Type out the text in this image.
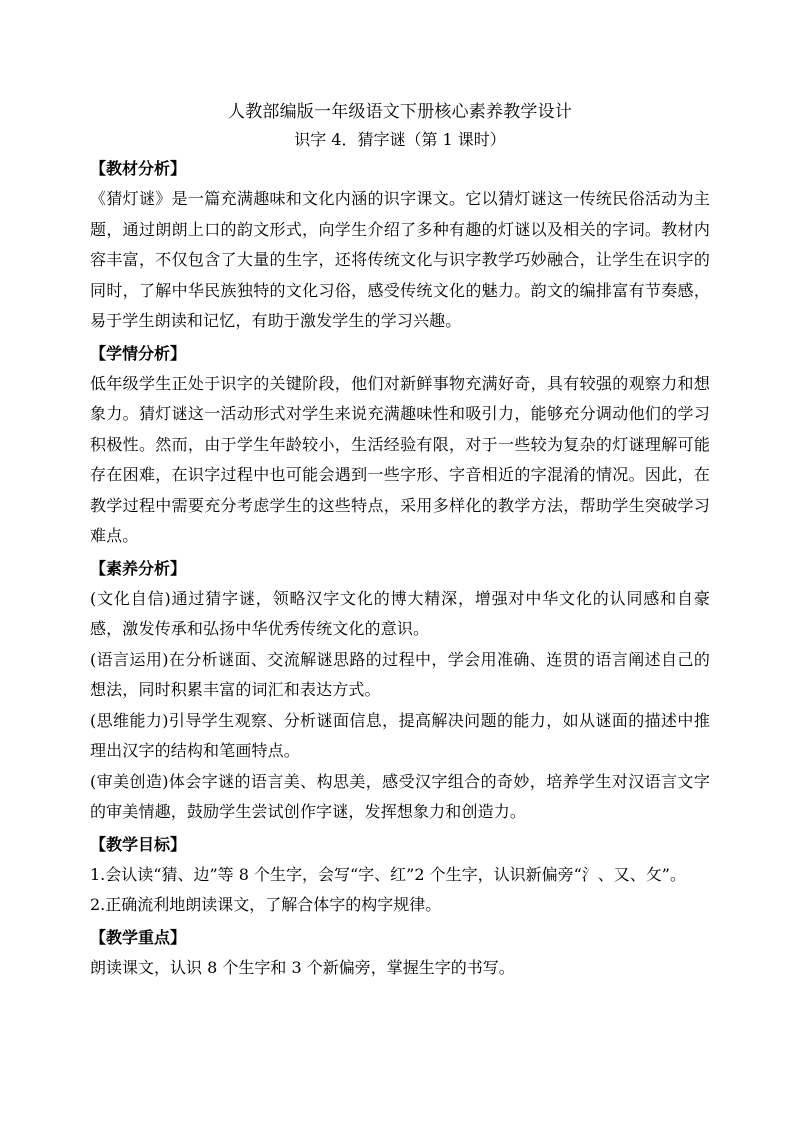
人教部编版一年级语文下册核心素养教学设计
识字 4．猜字谜（第 1 课时）
【教材分析】

《猜灯谜》是一篇充满趣味和文化内涵的识字课文。它以猜灯谜这一传统民俗活动为主题，通过朗朗上口的韵文形式，向学生介绍了多种有趣的灯谜以及相关的字词。教材内容丰富，不仅包含了大量的生字，还将传统文化与识字教学巧妙融合，让学生在识字的同时，了解中华民族独特的文化习俗，感受传统文化的魅力。韵文的编排富有节奏感，易于学生朗读和记忆，有助于激发学生的学习兴趣。

【学情分析】

低年级学生正处于识字的关键阶段，他们对新鲜事物充满好奇，具有较强的观察力和想象力。猜灯谜这一活动形式对学生来说充满趣味性和吸引力，能够充分调动他们的学习积极性。然而，由于学生年龄较小，生活经验有限，对于一些较为复杂的灯谜理解可能存在困难，在识字过程中也可能会遇到一些字形、字音相近的字混淆的情况。因此，在教学过程中需要充分考虑学生的这些特点，采用多样化的教学方法，帮助学生突破学习难点。

【素养分析】

(文化自信)通过猜字谜，领略汉字文化的博大精深，增强对中华文化的认同感和自豪感，激发传承和弘扬中华优秀传统文化的意识。

(语言运用)在分析谜面、交流解谜思路的过程中，学会用准确、连贯的语言阐述自己的想法，同时积累丰富的词汇和表达方式。

(思维能力)引导学生观察、分析谜面信息，提高解决问题的能力，如从谜面的描述中推理出汉字的结构和笔画特点。

(审美创造)体会字谜的语言美、构思美，感受汉字组合的奇妙，培养学生对汉语言文字的审美情趣，鼓励学生尝试创作字谜，发挥想象力和创造力。

【教学目标】
1.会认读“猜、边”等 8 个生字，会写“字、红”2 个生字，认识新偏旁“氵、又、攵”。
2.正确流利地朗读课文，了解合体字的构字规律。
【教学重点】
朗读课文，认识 8 个生字和 3 个新偏旁，掌握生字的书写。
